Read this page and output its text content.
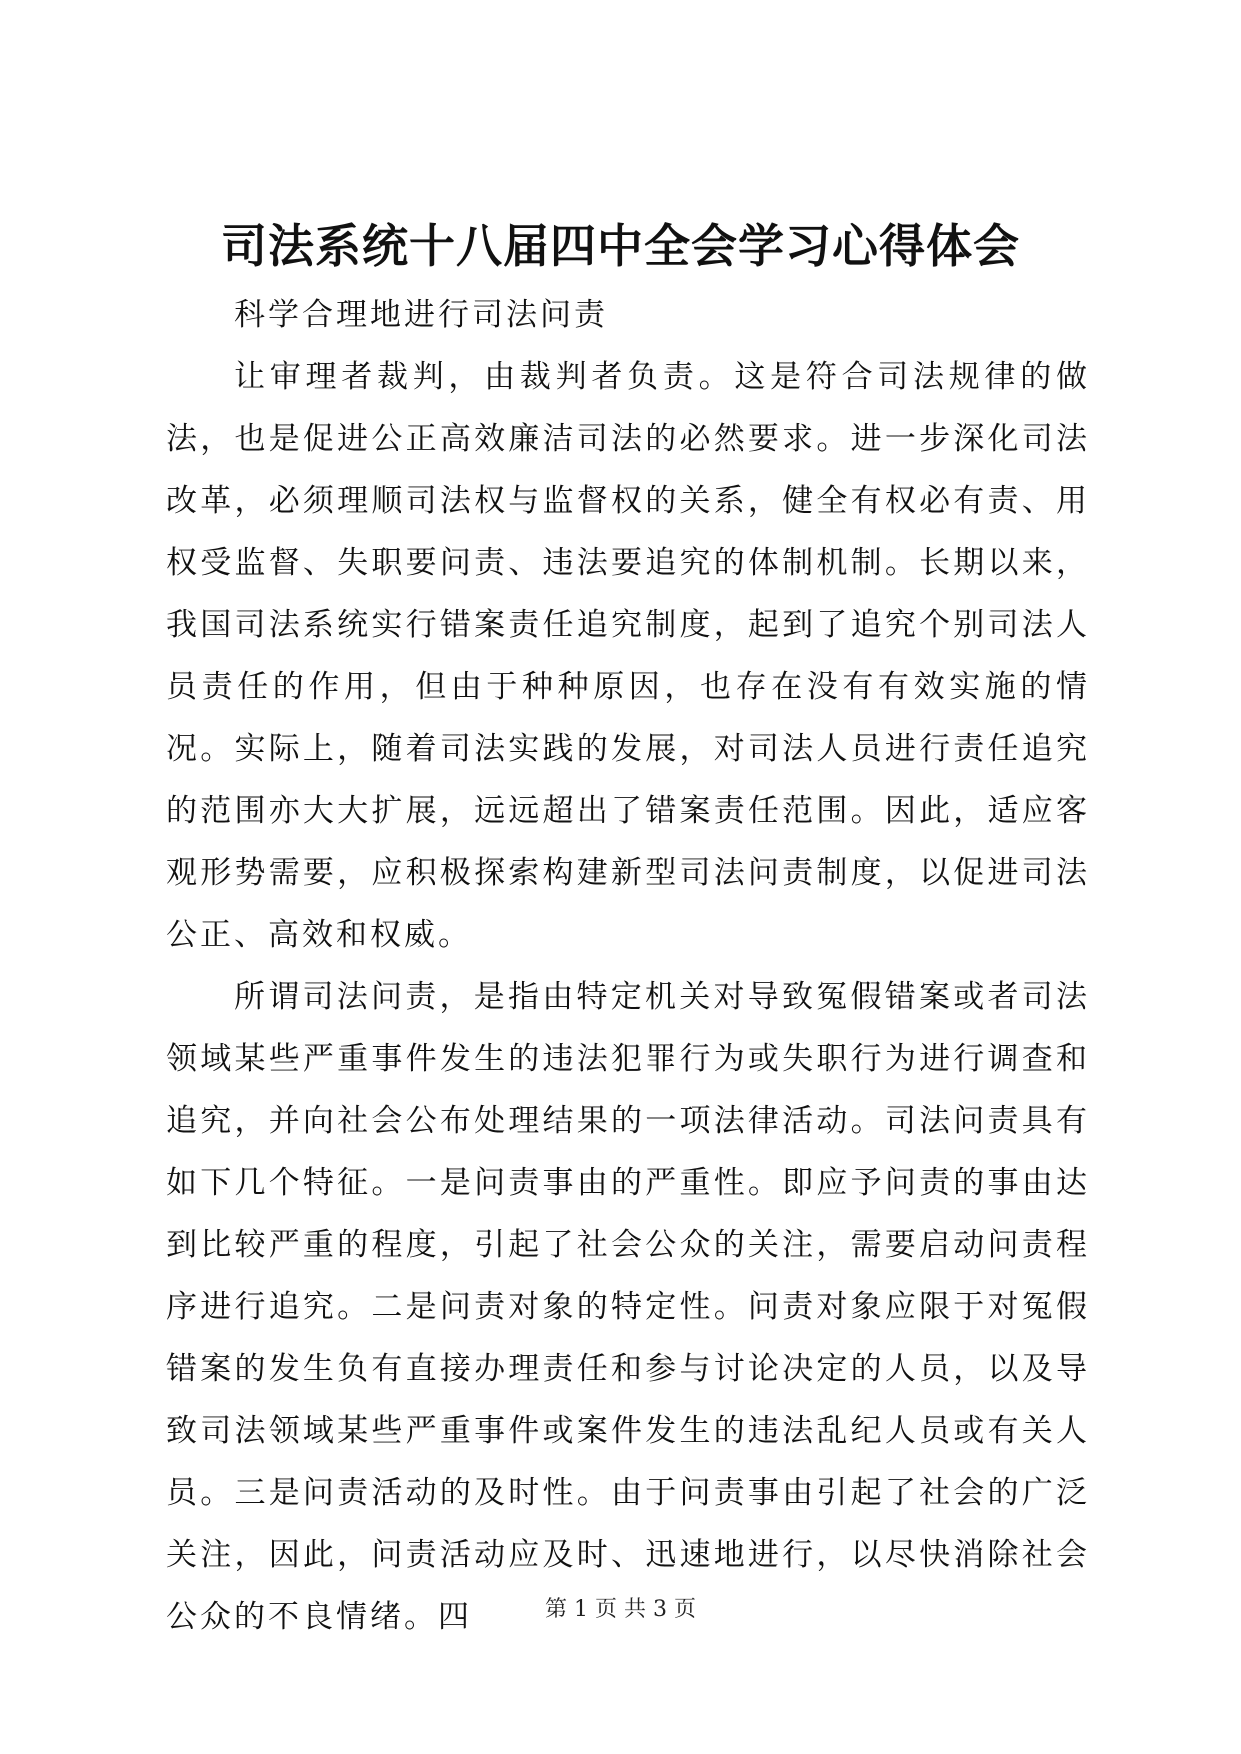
司法系统十八届四中全会学习心得体会

科学合理地进行司法问责

让审理者裁判，由裁判者负责。这是符合司法规律的做法，也是促进公正高效廉洁司法的必然要求。进一步深化司法改革，必须理顺司法权与监督权的关系，健全有权必有责、用权受监督、失职要问责、违法要追究的体制机制。长期以来，我国司法系统实行错案责任追究制度，起到了追究个别司法人员责任的作用，但由于种种原因，也存在没有有效实施的情况。实际上，随着司法实践的发展，对司法人员进行责任追究的范围亦大大扩展，远远超出了错案责任范围。因此，适应客观形势需要，应积极探索构建新型司法问责制度，以促进司法公正、高效和权威。

所谓司法问责，是指由特定机关对导致冤假错案或者司法领域某些严重事件发生的违法犯罪行为或失职行为进行调查和追究，并向社会公布处理结果的一项法律活动。司法问责具有如下几个特征。一是问责事由的严重性。即应予问责的事由达到比较严重的程度，引起了社会公众的关注，需要启动问责程序进行追究。二是问责对象的特定性。问责对象应限于对冤假错案的发生负有直接办理责任和参与讨论决定的人员，以及导致司法领域某些严重事件或案件发生的违法乱纪人员或有关人员。三是问责活动的及时性。由于问责事由引起了社会的广泛关注，因此，问责活动应及时、迅速地进行，以尽快消除社会公众的不良情绪。四	第 1 页 共 3 页
